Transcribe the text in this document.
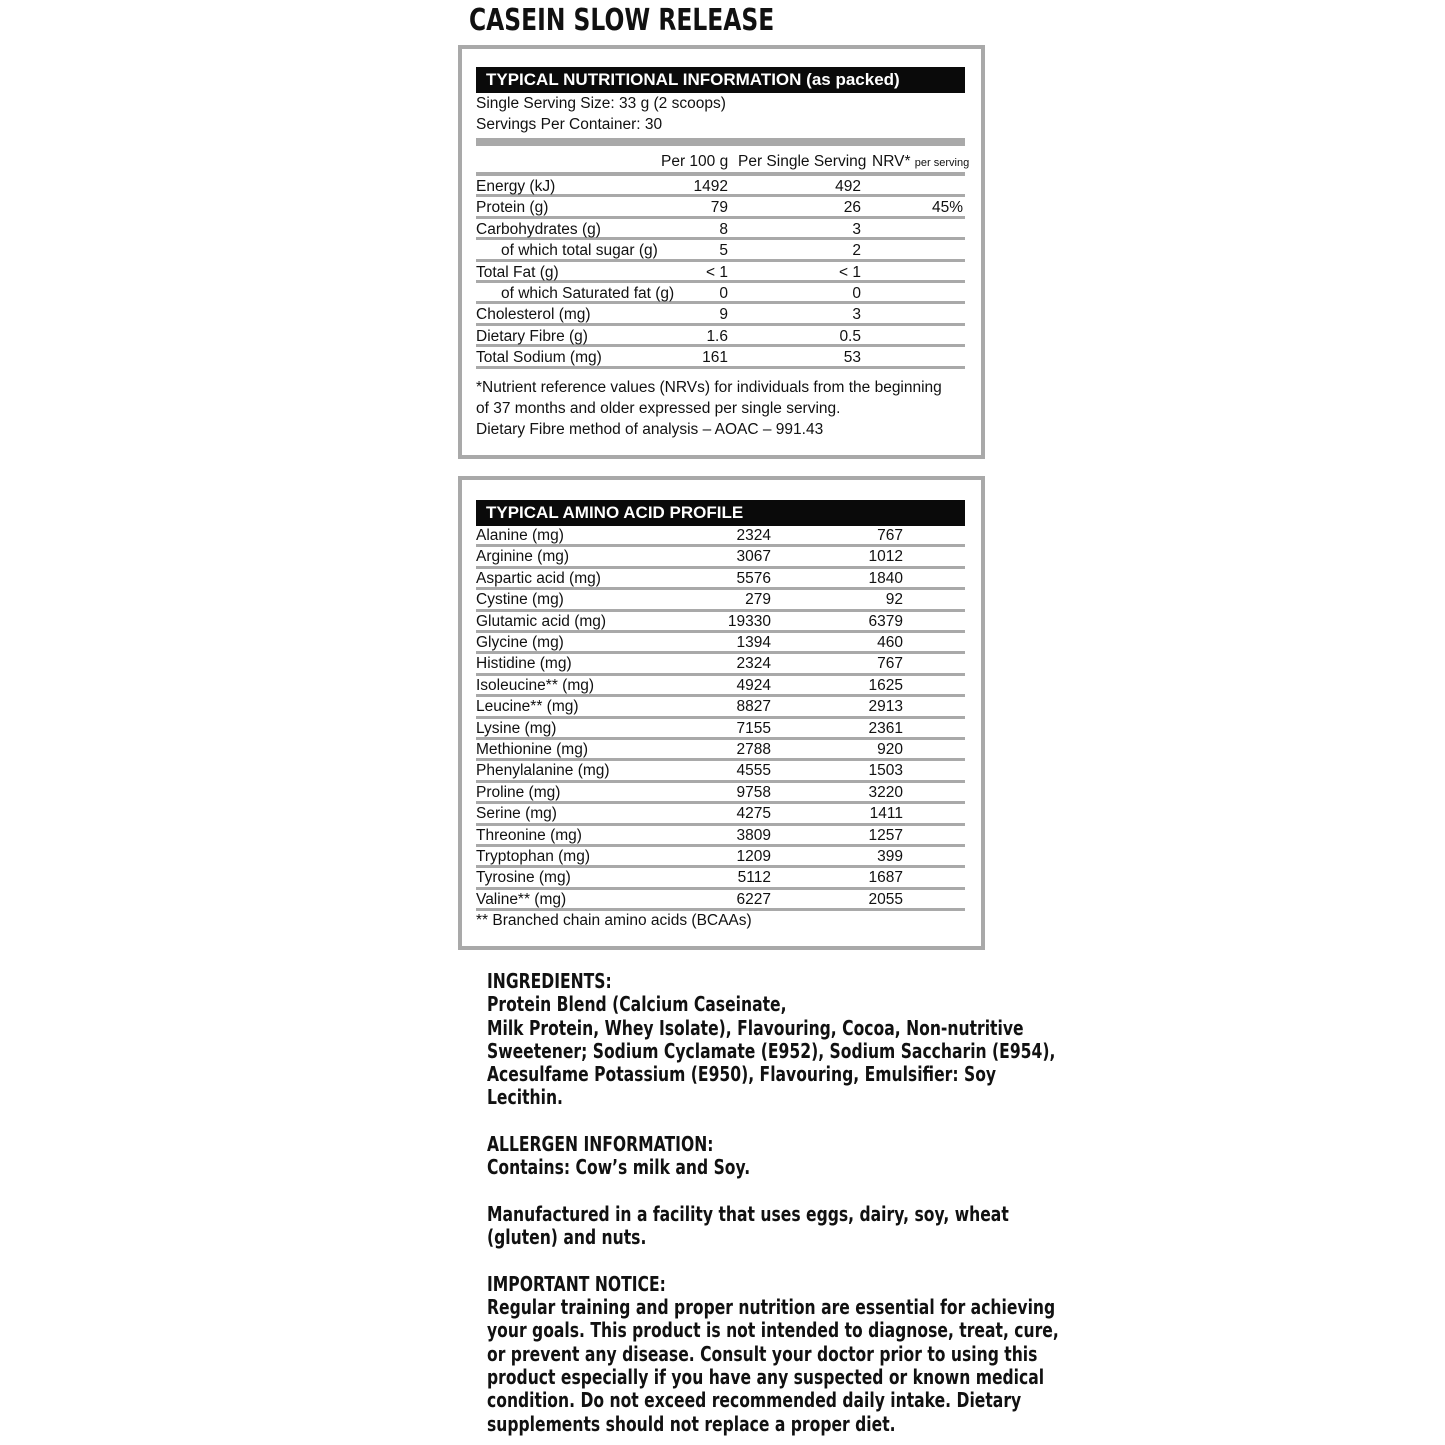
CASEIN SLOW RELEASE
TYPICAL NUTRITIONAL INFORMATION (as packed)
Single Serving Size: 33 g (2 scoops)
Servings Per Container: 30
Per 100 g Per Single Serving NRV* per serving
Energy (kJ)	1492	492
Protein (g)	79	26	45%
Carbohydrates (g)	8	3
of which total sugar (g)	5	2
Total Fat (g)	< 1	< 1
of which Saturated fat (g)	0	0
Cholesterol (mg)	9	3
Dietary Fibre (g)	1.6	0.5
Total Sodium (mg)	161	53
*Nutrient reference values (NRVs) for individuals from the beginning
of 37 months and older expressed per single serving.
Dietary Fibre method of analysis – AOAC – 991.43
TYPICAL AMINO ACID PROFILE
Alanine (mg)	2324	767
Arginine (mg)	3067	1012
Aspartic acid (mg)	5576	1840
Cystine (mg)	279	92
Glutamic acid (mg)	19330	6379
Glycine (mg)	1394	460
Histidine (mg)	2324	767
Isoleucine** (mg)	4924	1625
Leucine** (mg)	8827	2913
Lysine (mg)	7155	2361
Methionine (mg)	2788	920
Phenylalanine (mg)	4555	1503
Proline (mg)	9758	3220
Serine (mg)	4275	1411
Threonine (mg)	3809	1257
Tryptophan (mg)	1209	399
Tyrosine (mg)	5112	1687
Valine** (mg)	6227	2055
** Branched chain amino acids (BCAAs)
INGREDIENTS:
Protein Blend (Calcium Caseinate,
Milk Protein, Whey Isolate), Flavouring, Cocoa, Non-nutritive
Sweetener; Sodium Cyclamate (E952), Sodium Saccharin (E954),
Acesulfame Potassium (E950), Flavouring, Emulsifier: Soy
Lecithin.
ALLERGEN INFORMATION:
Contains: Cow’s milk and Soy.
Manufactured in a facility that uses eggs, dairy, soy, wheat
(gluten) and nuts.
IMPORTANT NOTICE:
Regular training and proper nutrition are essential for achieving
your goals. This product is not intended to diagnose, treat, cure,
or prevent any disease. Consult your doctor prior to using this
product especially if you have any suspected or known medical
condition. Do not exceed recommended daily intake. Dietary
supplements should not replace a proper diet.
